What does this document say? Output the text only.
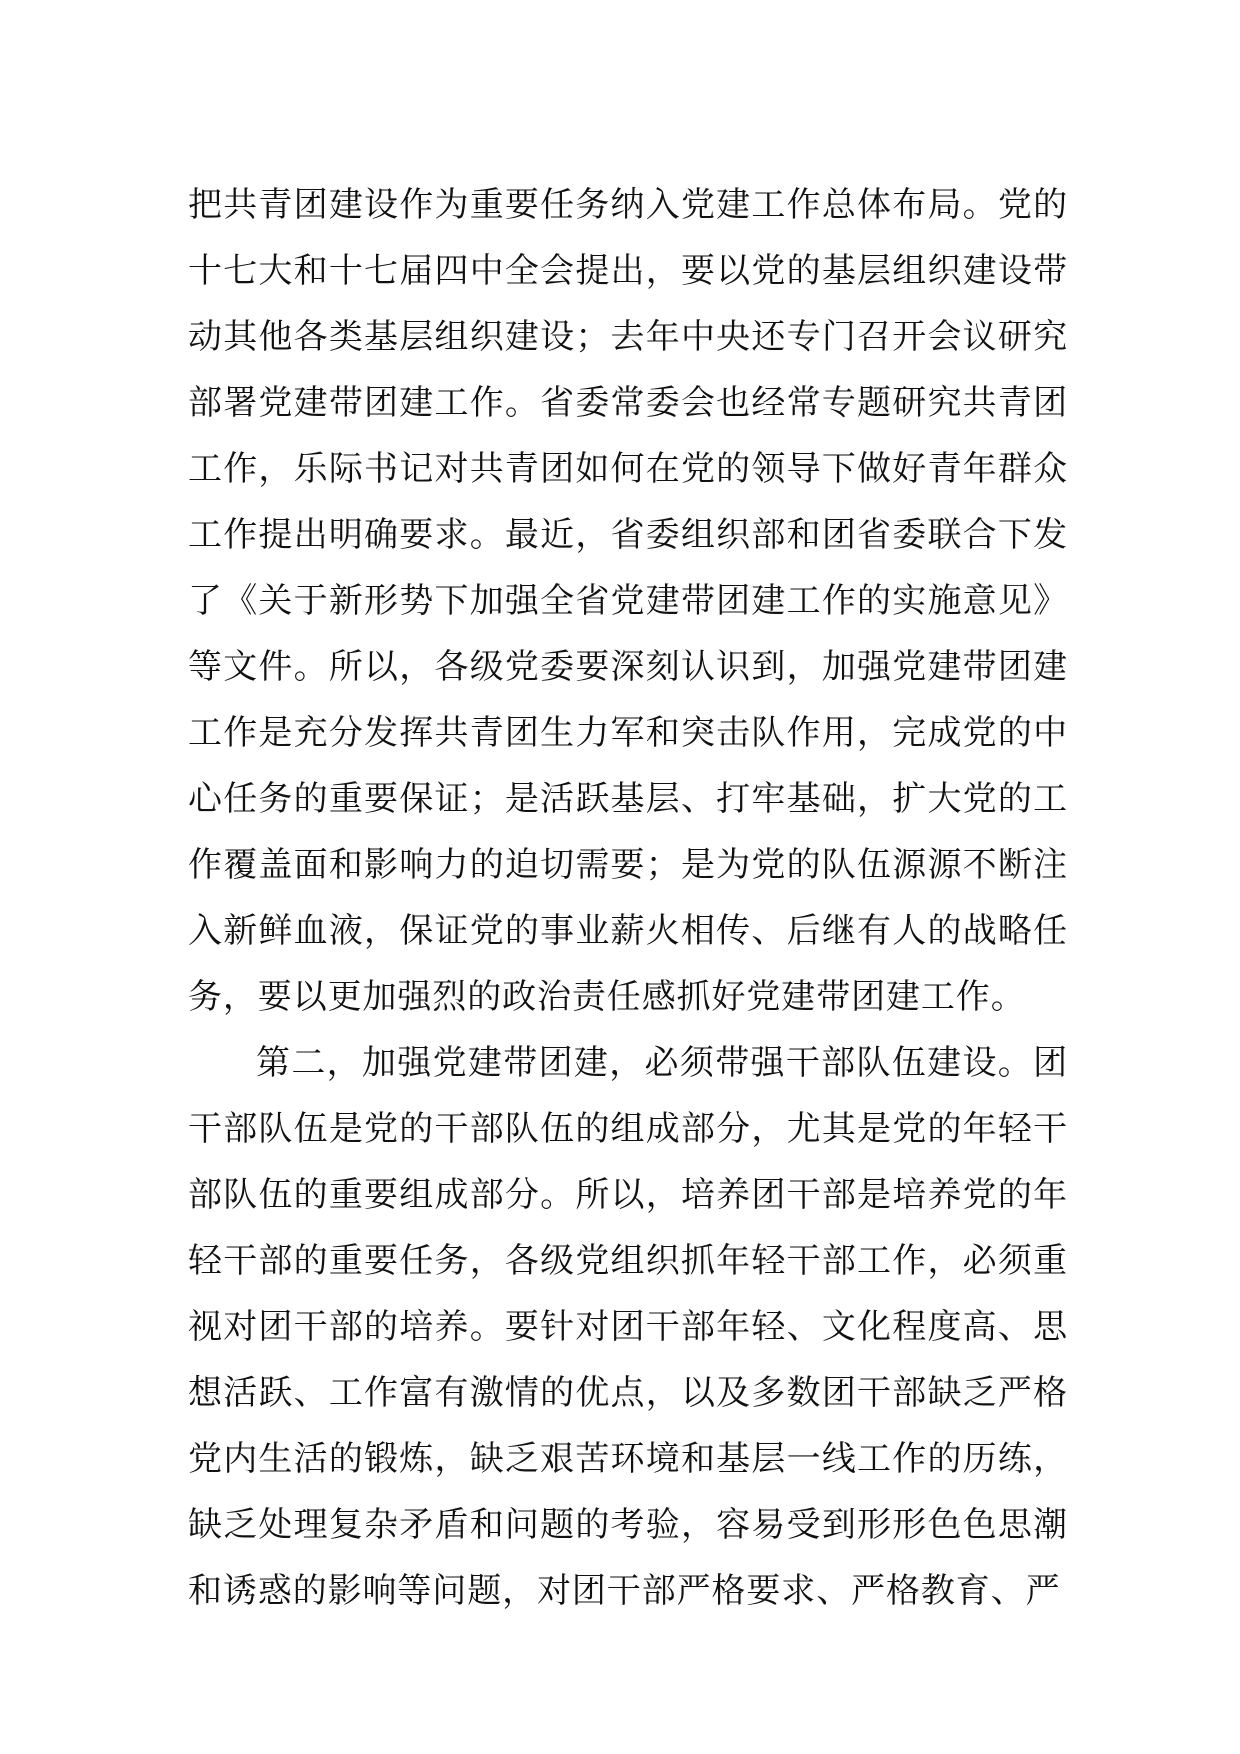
把共青团建设作为重要任务纳入党建工作总体布局。党的十七大和十七届四中全会提出，要以党的基层组织建设带动其他各类基层组织建设；去年中央还专门召开会议研究部署党建带团建工作。省委常委会也经常专题研究共青团工作，乐际书记对共青团如何在党的领导下做好青年群众工作提出明确要求。最近，省委组织部和团省委联合下发了《关于新形势下加强全省党建带团建工作的实施意见》等文件。所以，各级党委要深刻认识到，加强党建带团建工作是充分发挥共青团生力军和突击队作用，完成党的中心任务的重要保证；是活跃基层、打牢基础，扩大党的工作覆盖面和影响力的迫切需要；是为党的队伍源源不断注入新鲜血液，保证党的事业薪火相传、后继有人的战略任务，要以更加强烈的政治责任感抓好党建带团建工作。

第二，加强党建带团建，必须带强干部队伍建设。团干部队伍是党的干部队伍的组成部分，尤其是党的年轻干部队伍的重要组成部分。所以，培养团干部是培养党的年轻干部的重要任务，各级党组织抓年轻干部工作，必须重视对团干部的培养。要针对团干部年轻、文化程度高、思想活跃、工作富有激情的优点，以及多数团干部缺乏严格党内生活的锻炼，缺乏艰苦环境和基层一线工作的历练，缺乏处理复杂矛盾和问题的考验，容易受到形形色色思潮和诱惑的影响等问题，对团干部严格要求、严格教育、严
